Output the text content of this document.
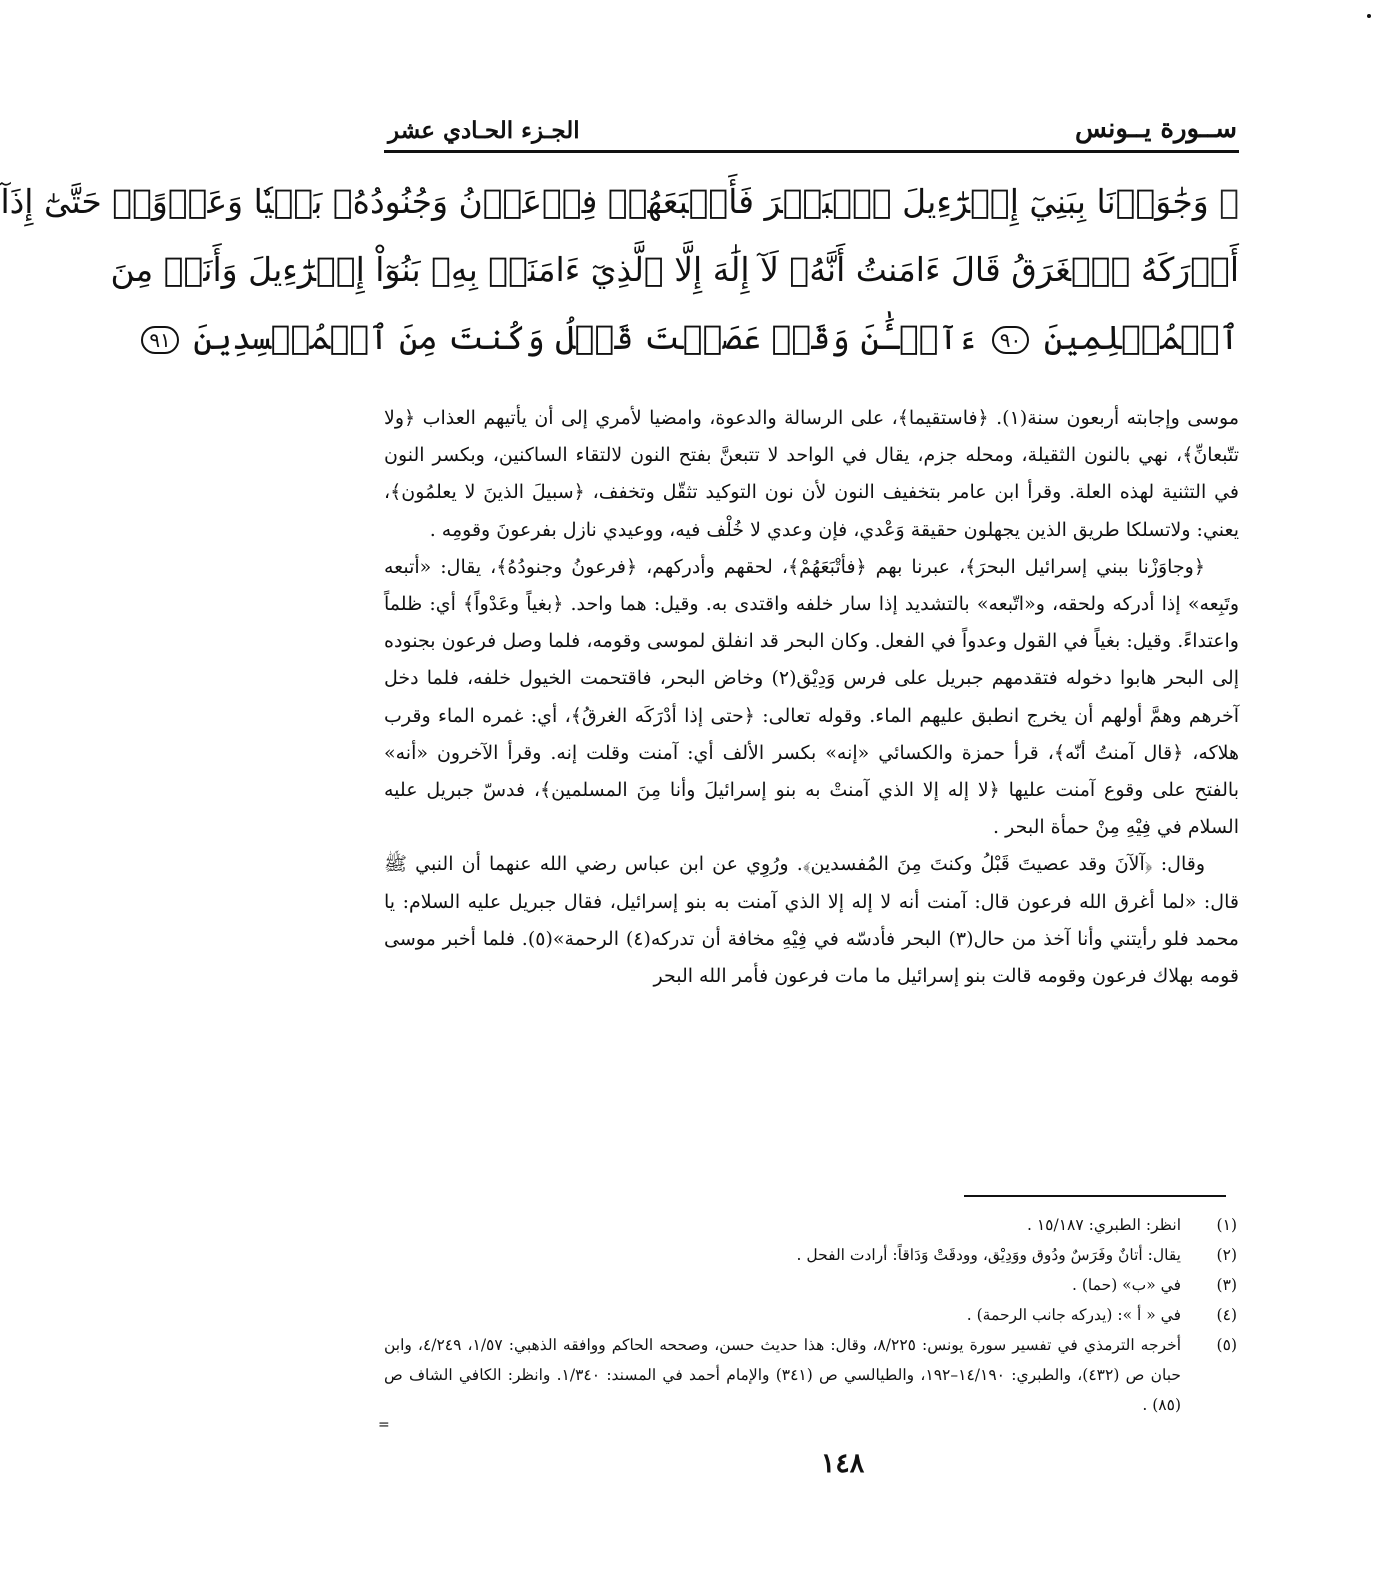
ســورة يــونس
الجـزء الحـادي عشر
۞ وَجَٰوَزۡنَا بِبَنِيٓ إِسۡرَٰٓءِيلَ ٱلۡبَحۡرَ فَأَتۡبَعَهُمۡ فِرۡعَوۡنُ وَجُنُودُهُۥ بَغۡيٗا وَعَدۡوًاۖ حَتَّىٰٓ إِذَآ
أَدۡرَكَهُ ٱلۡغَرَقُ قَالَ ءَامَنتُ أَنَّهُۥ لَآ إِلَٰهَ إِلَّا ٱلَّذِيٓ ءَامَنَتۡ بِهِۦ بَنُوٓاْ إِسۡرَٰٓءِيلَ وَأَنَا۠ مِنَ
ٱلۡمُسۡلِمِينَ ٩٠ ءَآلۡـَٰٔنَ وَقَدۡ عَصَيۡتَ قَبۡلُ وَكُنتَ مِنَ ٱلۡمُفۡسِدِينَ ٩١

موسى وإجابته أربعون سنة(١). ﴿فاستقيما﴾، على الرسالة والدعوة، وامضيا لأمري إلى أن يأتيهم العذاب ﴿ولا تتّبعانِّ﴾، نهي بالنون الثقيلة، ومحله جزم، يقال في الواحد لا تتبعنَّ بفتح النون لالتقاء الساكنين، وبكسر النون في التثنية لهذه العلة. وقرأ ابن عامر بتخفيف النون لأن نون التوكيد تثقّل وتخفف، ﴿سبيلَ الذينَ لا يعلمُون﴾، يعني: ولاتسلكا طريق الذين يجهلون حقيقة وَعْدي، فإن وعدي لا خُلْف فيه، ووعيدي نازل بفرعونَ وقومِه .

﴿وجاوَزْنا ببني إسرائيل البحرَ﴾، عبرنا بهم ﴿فأتْبَعَهُمْ﴾، لحقهم وأدركهم، ﴿فرعونُ وجنودُهُ﴾، يقال: «أتبعه وتَبِعه» إذا أدركه ولحقه، و«اتّبعه» بالتشديد إذا سار خلفه واقتدى به. وقيل: هما واحد. ﴿بغياً وعَدْواً﴾ أي: ظلماً واعتداءً. وقيل: بغياً في القول وعدواً في الفعل. وكان البحر قد انفلق لموسى وقومه، فلما وصل فرعون بجنوده إلى البحر هابوا دخوله فتقدمهم جبريل على فرس وَدِيْق(٢) وخاض البحر، فاقتحمت الخيول خلفه، فلما دخل آخرهم وهمَّ أولهم أن يخرج انطبق عليهم الماء. وقوله تعالى: ﴿حتى إذا أدْرَكَه الغرقُ﴾، أي: غمره الماء وقرب هلاكه، ﴿قال آمنتُ أنّه﴾، قرأ حمزة والكسائي «إنه» بكسر الألف أي: آمنت وقلت إنه. وقرأ الآخرون «أنه» بالفتح على وقوع آمنت عليها ﴿لا إله إلا الذي آمنتْ به بنو إسرائيلَ وأنا مِنَ المسلمين﴾، فدسّ جبريل عليه السلام في فِيْهِ مِنْ حمأة البحر .

وقال: ﴿آلآنَ وقد عصيتَ قَبْلُ وكنتَ مِنَ المُفسدين﴾. ورُوِي عن ابن عباس رضي الله عنهما أن النبي ﷺ قال: «لما أغرق الله فرعون قال: آمنت أنه لا إله إلا الذي آمنت به بنو إسرائيل، فقال جبريل عليه السلام: يا محمد فلو رأيتني وأنا آخذ من حال(٣) البحر فأدسّه في فِيْهِ مخافة أن تدركه(٤) الرحمة»(٥). فلما أخبر موسى قومه بهلاك فرعون وقومه قالت بنو إسرائيل ما مات فرعون فأمر الله البحر

(١)
انظر: الطبري: ١٥/١٨٧ .
(٢)
يقال: أتانٌ وفَرَسٌ ودُوق ووَدِيْق، وودقَتْ وَدَاقاً: أرادت الفحل .
(٣)
في «ب» (حما) .
(٤)
في « أ »: (يدركه جانب الرحمة) .
(٥)
أخرجه الترمذي في تفسير سورة يونس: ٨/٢٢٥، وقال: هذا حديث حسن، وصححه الحاكم ووافقه الذهبي: ١/٥٧، ٤/٢٤٩، وابن حبان ص (٤٣٢)، والطبري: ١٤/١٩٠–١٩٢، والطيالسي ص (٣٤١) والإمام أحمد في المسند: ١/٣٤٠. وانظر: الكافي الشاف ص (٨٥) .
=
١٤٨
